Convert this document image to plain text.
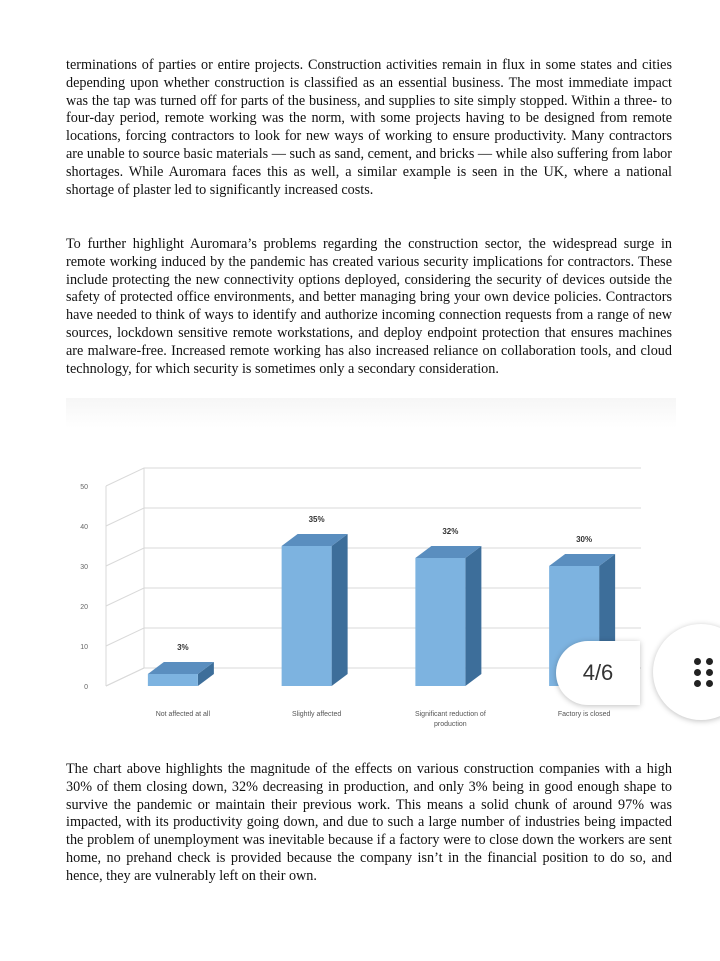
terminations of parties or entire projects. Construction activities remain in flux in some states and cities depending upon whether construction is classified as an essential business. The most immediate impact was the tap was turned off for parts of the business, and supplies to site simply stopped. Within a three- to four-day period, remote working was the norm, with some projects having to be designed from remote locations, forcing contractors to look for new ways of working to ensure productivity. Many contractors are unable to source basic materials — such as sand, cement, and bricks — while also suffering from labor shortages. While Auromara faces this as well, a similar example is seen in the UK, where a national shortage of plaster led to significantly increased costs.

To further highlight Auromara’s problems regarding the construction sector, the widespread surge in remote working induced by the pandemic has created various security implications for contractors. These include protecting the new connectivity options deployed, considering the security of devices outside the safety of protected office environments, and better managing bring your own device policies. Contractors have needed to think of ways to identify and authorize incoming connection requests from a range of new sources, lockdown sensitive remote workstations, and deploy endpoint protection that ensures machines are malware-free. Increased remote working has also increased reliance on collaboration tools, and cloud technology, for which security is sometimes only a secondary consideration.

0
10
20
30
40
50
3%
Not affected at all
35%
Slightly affected
32%
Significant reduction of
production
30%
Factory is closed

The chart above highlights the magnitude of the effects on various construction companies with a high 30% of them closing down, 32% decreasing in production, and only 3% being in good enough shape to survive the pandemic or maintain their previous work. This means a solid chunk of around 97% was impacted, with its productivity going down, and due to such a large number of industries being impacted the problem of unemployment was inevitable because if a factory were to close down the workers are sent home, no prehand check is provided because the company isn’t in the financial position to do so, and hence, they are vulnerably left on their own.

4/6
